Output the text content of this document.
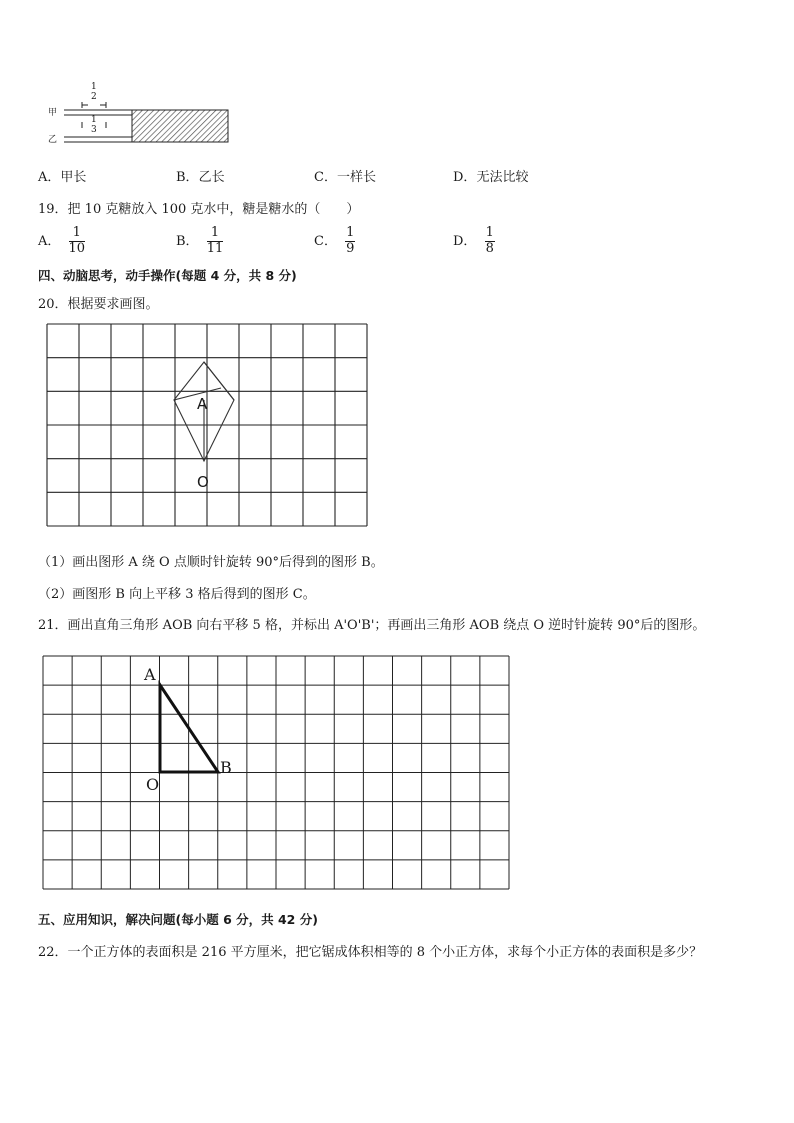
甲
乙
1
2
1
3
A．甲长	B．乙长	C．一样长	D．无法比较
19．把 10 克糖放入 100 克水中，糖是糖水的（　　）
A． $\frac{1}{10}$	B． $\frac{1}{11}$	C． $\frac{1}{9}$	D． $\frac{1}{8}$
四、动脑思考，动手操作(每题 4 分，共 8 分)
20．根据要求画图。
A
O
（1）画出图形 A 绕 O 点顺时针旋转 90°后得到的图形 B。
（2）画图形 B 向上平移 3 格后得到的图形 C。
21．画出直角三角形 AOB 向右平移 5 格，并标出 A'O'B'；再画出三角形 AOB 绕点 O 逆时针旋转 90°后的图形。
A
O
B
五、应用知识，解决问题(每小题 6 分，共 42 分)
22．一个正方体的表面积是 216 平方厘米，把它锯成体积相等的 8 个小正方体，求每个小正方体的表面积是多少？
